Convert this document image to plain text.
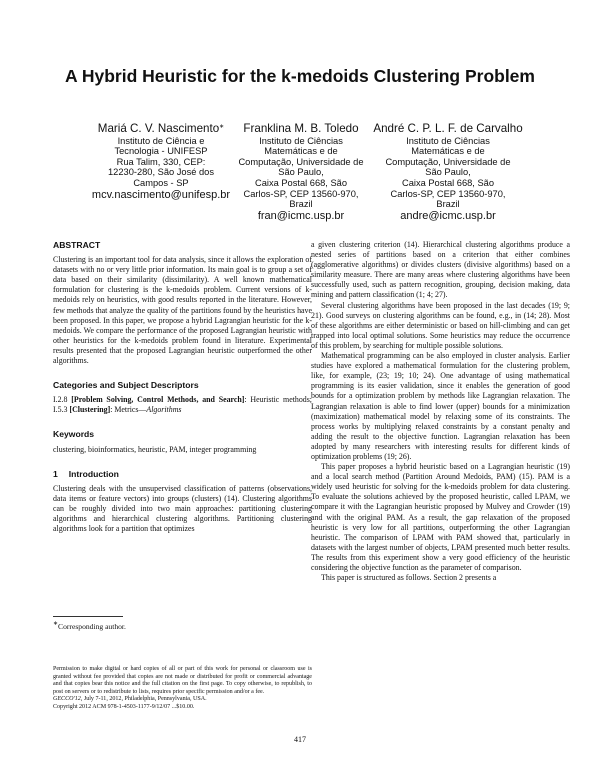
A Hybrid Heuristic for the k-medoids Clustering Problem
Mariá C. V. Nascimento∗
Instituto de Ciência e
Tecnologia - UNIFESP
Rua Talim, 330, CEP:
12230-280, São José dos
Campos - SP
mcv.nascimento@unifesp.br
Franklina M. B. Toledo
Instituto de Ciências
Matemáticas e de
Computação, Universidade de
São Paulo,
Caixa Postal 668, São
Carlos-SP, CEP 13560-970,
Brazil
fran@icmc.usp.br
André C. P. L. F. de Carvalho
Instituto de Ciências
Matemáticas e de
Computação, Universidade de
São Paulo,
Caixa Postal 668, São
Carlos-SP, CEP 13560-970,
Brazil
andre@icmc.usp.br
ABSTRACT

Clustering is an important tool for data analysis, since it allows the exploration of datasets with no or very little prior information. Its main goal is to group a set of data based on their similarity (dissimilarity). A well known mathematical formulation for clustering is the k-medoids problem. Current versions of k-medoids rely on heuristics, with good results reported in the literature. However, few methods that analyze the quality of the partitions found by the heuristics have been proposed. In this paper, we propose a hybrid Lagrangian heuristic for the k-medoids. We compare the performance of the proposed Lagrangian heuristic with other heuristics for the k-medoids problem found in literature. Experimental results presented that the proposed Lagrangian heuristic outperformed the other algorithms.

Categories and Subject Descriptors

I.2.8 [Problem Solving, Control Methods, and Search]: Heuristic methods; I.5.3 [Clustering]: Metrics—Algorithms

Keywords

clustering, bioinformatics, heuristic, PAM, integer programming

1 Introduction

Clustering deals with the unsupervised classification of patterns (observations, data items or feature vectors) into groups (clusters) (14). Clustering algorithms can be roughly divided into two main approaches: partitioning clustering algorithms and hierarchical clustering algorithms. Partitioning clustering algorithms look for a partition that optimizes

∗Corresponding author.
Permission to make digital or hard copies of all or part of this work for personal or classroom use is granted without fee provided that copies are not made or distributed for profit or commercial advantage and that copies bear this notice and the full citation on the first page. To copy otherwise, to republish, to post on servers or to redistribute to lists, requires prior specific permission and/or a fee.
GECCO'12, July 7-11, 2012, Philadelphia, Pennsylvania, USA.
Copyright 2012 ACM 978-1-4503-1177-9/12/07 ...$10.00.

a given clustering criterion (14). Hierarchical clustering algorithms produce a nested series of partitions based on a criterion that either combines (agglomerative algorithms) or divides clusters (divisive algorithms) based on a similarity measure. There are many areas where clustering algorithms have been successfully used, such as pattern recognition, grouping, decision making, data mining and pattern classification (1; 4; 27).

Several clustering algorithms have been proposed in the last decades (19; 9; 21). Good surveys on clustering algorithms can be found, e.g., in (14; 28). Most of these algorithms are either deterministic or based on hill-climbing and can get trapped into local optimal solutions. Some heuristics may reduce the occurrence of this problem, by searching for multiple possible solutions.

Mathematical programming can be also employed in cluster analysis. Earlier studies have explored a mathematical formulation for the clustering problem, like, for example, (23; 19; 10; 24). One advantage of using mathematical programming is its easier validation, since it enables the generation of good bounds for a optimization problem by methods like Lagrangian relaxation. The Lagrangian relaxation is able to find lower (upper) bounds for a minimization (maximization) mathematical model by relaxing some of its constraints. The process works by multiplying relaxed constraints by a constant penalty and adding the result to the objective function. Lagrangian relaxation has been adopted by many researchers with interesting results for different kinds of optimization problems (19; 26).

This paper proposes a hybrid heuristic based on a Lagrangian heuristic (19) and a local search method (Partition Around Medoids, PAM) (15). PAM is a widely used heuristic for solving for the k-medoids problem for data clustering. To evaluate the solutions achieved by the proposed heuristic, called LPAM, we compare it with the Lagrangian heuristic proposed by Mulvey and Crowder (19) and with the original PAM. As a result, the gap relaxation of the proposed heuristic is very low for all partitions, outperforming the other Lagrangian heuristic. The comparison of LPAM with PAM showed that, particularly in datasets with the largest number of objects, LPAM presented much better results. The results from this experiment show a very good efficiency of the heuristic considering the objective function as the parameter of comparison.

This paper is structured as follows. Section 2 presents a

417
